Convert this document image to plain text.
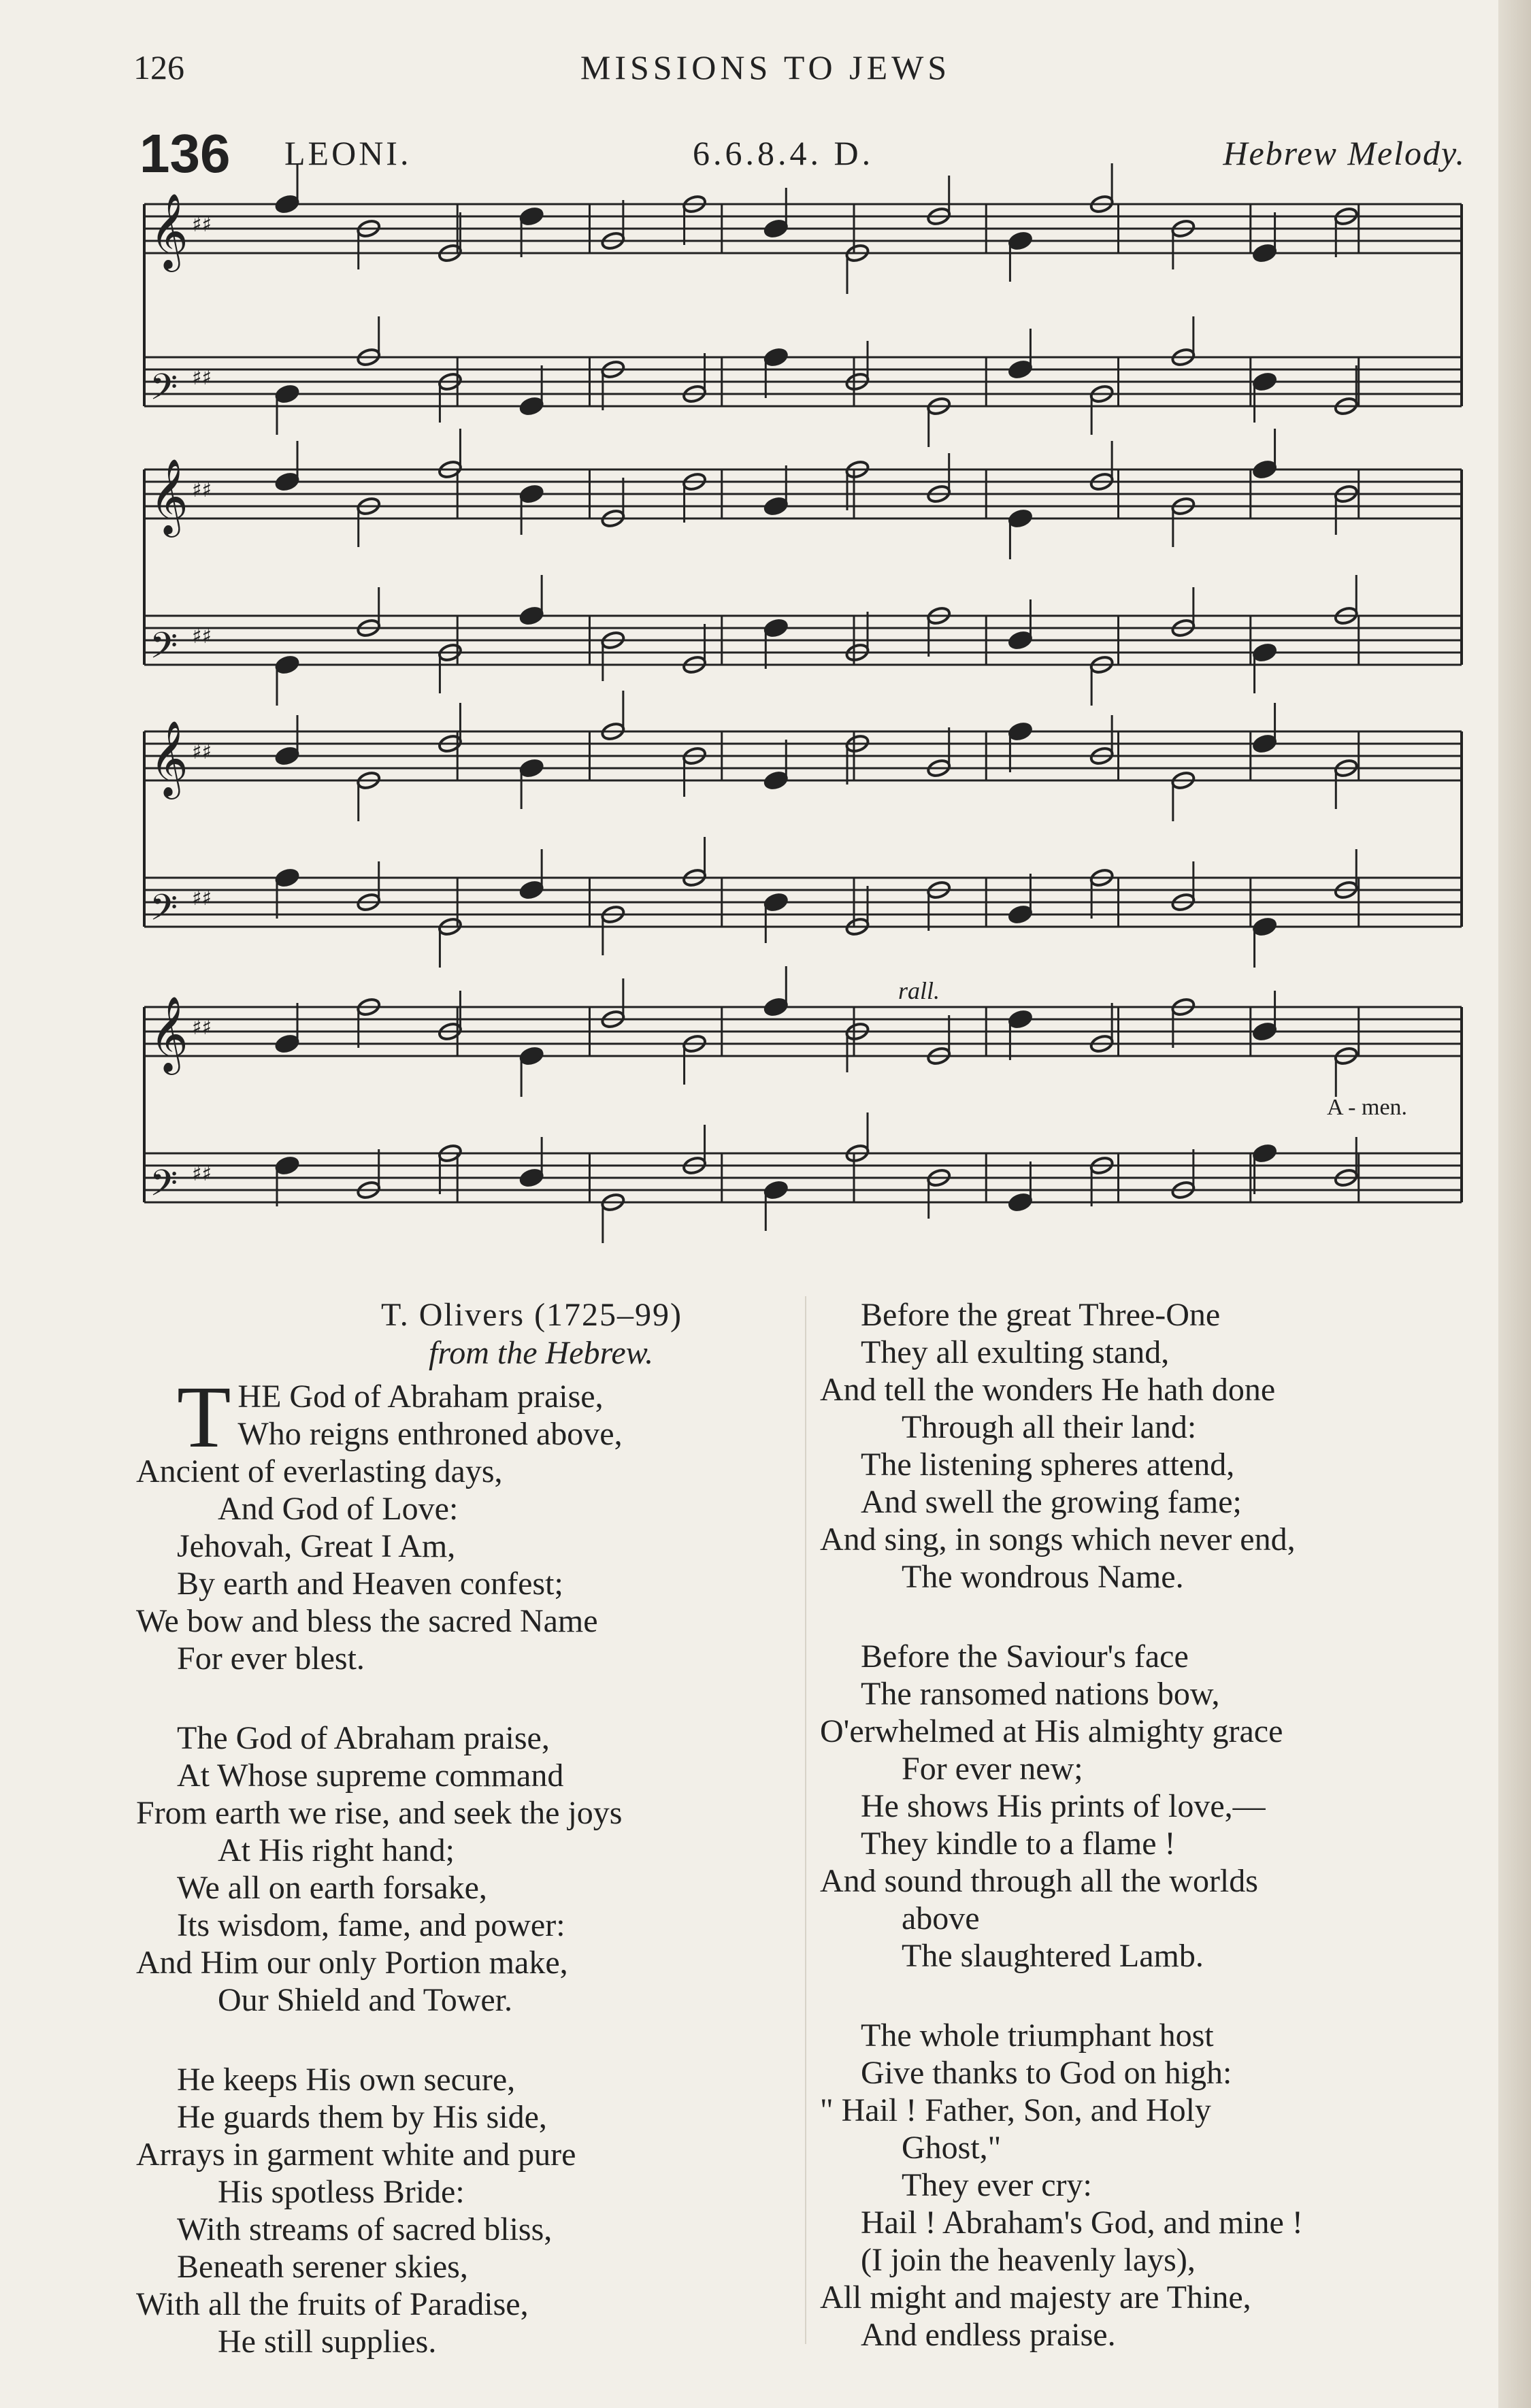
126	MISSIONS TO JEWS
136 LEONI.	6.6.8.4. D.	Hebrew Melody.
𝄞 ♯♯
𝄢 ♯♯
𝄞 ♯♯
𝄢 ♯♯
𝄞 ♯♯
𝄢 ♯♯
𝄞 ♯♯
𝄢 ♯♯
rall.
A - men.
T. Olivers (1725–99)
from the Hebrew.
T HE God of Abraham praise,
Who reigns enthroned above,
Ancient of everlasting days,
And God of Love:
Jehovah, Great I Am,
By earth and Heaven confest;
We bow and bless the sacred Name
For ever blest.
The God of Abraham praise,
At Whose supreme command
From earth we rise, and seek the joys
At His right hand;
We all on earth forsake,
Its wisdom, fame, and power:
And Him our only Portion make,
Our Shield and Tower.
He keeps His own secure,
He guards them by His side,
Arrays in garment white and pure
His spotless Bride:
With streams of sacred bliss,
Beneath serener skies,
With all the fruits of Paradise,
He still supplies.
Before the great Three-One
They all exulting stand,
And tell the wonders He hath done
Through all their land:
The listening spheres attend,
And swell the growing fame;
And sing, in songs which never end,
The wondrous Name.
Before the Saviour's face
The ransomed nations bow,
O'erwhelmed at His almighty grace
For ever new;
He shows His prints of love,—
They kindle to a flame !
And sound through all the worlds
above
The slaughtered Lamb.
The whole triumphant host
Give thanks to God on high:
" Hail ! Father, Son, and Holy
Ghost,"
They ever cry:
Hail ! Abraham's God, and mine !
(I join the heavenly lays),
All might and majesty are Thine,
And endless praise.
